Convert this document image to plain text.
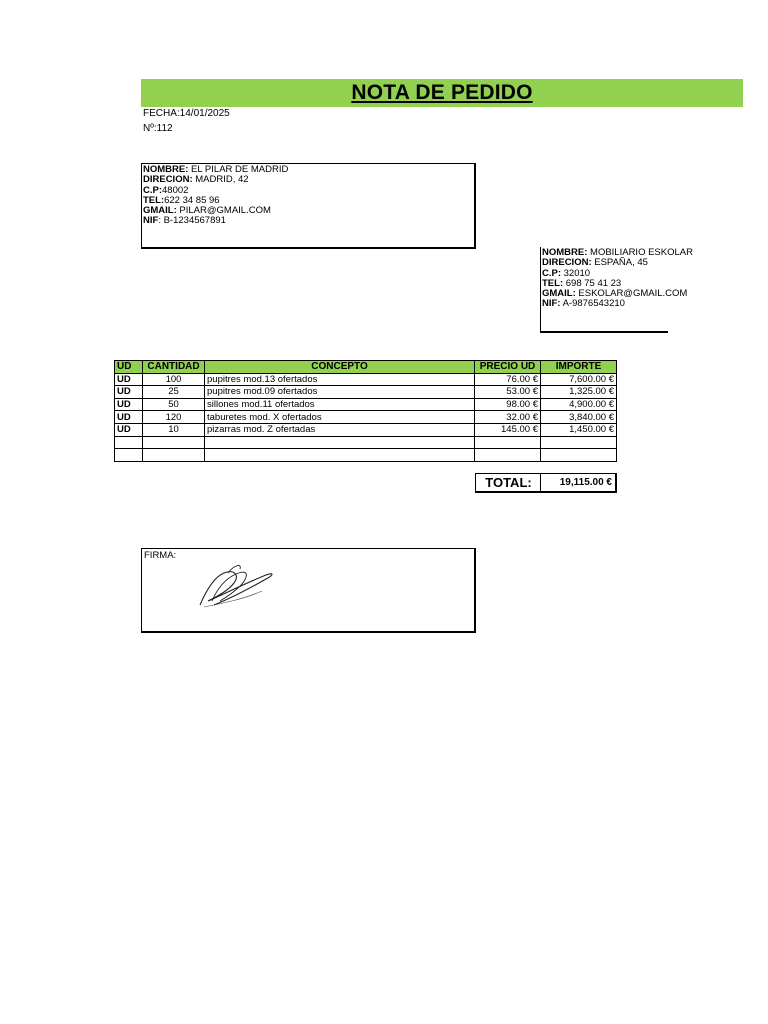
NOTA DE PEDIDO
FECHA:14/01/2025
Nº:112
NOMBRE: EL PILAR DE MADRID
DIRECION: MADRID, 42
C.P:48002
TEL:622 34 85 96
GMAIL: PILAR@GMAIL.COM
NIF: B-1234567891
NOMBRE: MOBILIARIO ESKOLAR
DIRECION: ESPAÑA, 45
C.P: 32010
TEL: 698 75 41 23
GMAIL: ESKOLAR@GMAIL.COM
NIF: A-9876543210
UD	CANTIDAD	CONCEPTO	PRECIO UD	IMPORTE
UD	100	pupitres mod.13 ofertados	76.00 €	7,600.00 €
UD	25	pupitres mod.09 ofertados	53.00 €	1,325.00 €
UD	50	sillones mod.11 ofertados	98.00 €	4,900.00 €
UD	120	taburetes mod. X ofertados	32.00 €	3,840.00 €
UD	10	pizarras mod. Z ofertadas	145.00 €	1,450.00 €

TOTAL:	19,115.00 €
FIRMA:
